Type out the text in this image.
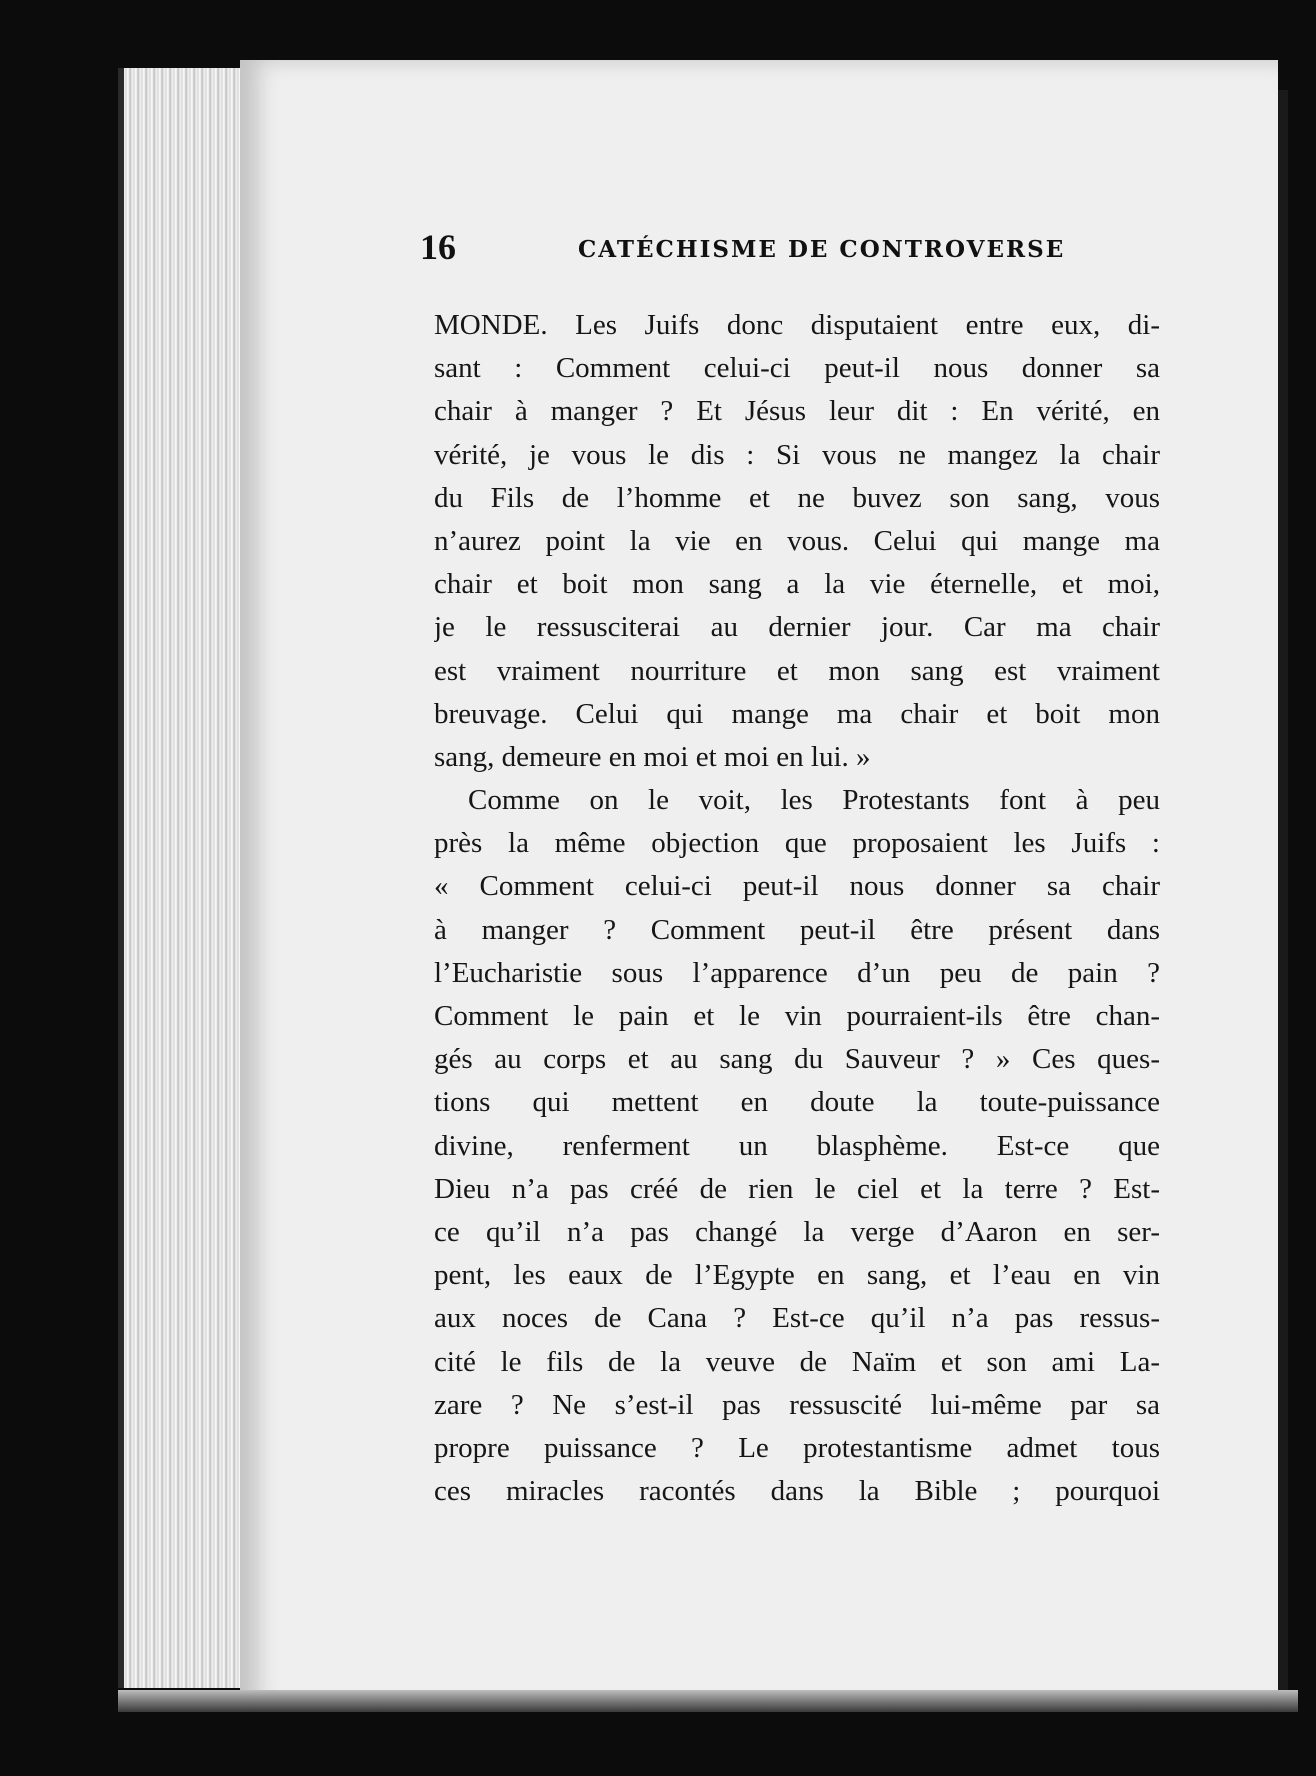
16	CATÉCHISME DE CONTROVERSE
MONDE. Les Juifs donc disputaient entre eux, di-
sant : Comment celui-ci peut-il nous donner sa
chair à manger ? Et Jésus leur dit : En vérité, en
vérité, je vous le dis : Si vous ne mangez la chair
du Fils de l’homme et ne buvez son sang, vous
n’aurez point la vie en vous. Celui qui mange ma
chair et boit mon sang a la vie éternelle, et moi,
je le ressusciterai au dernier jour. Car ma chair
est vraiment nourriture et mon sang est vraiment
breuvage. Celui qui mange ma chair et boit mon
sang, demeure en moi et moi en lui. »
Comme on le voit, les Protestants font à peu
près la même objection que proposaient les Juifs :
« Comment celui-ci peut-il nous donner sa chair
à manger ? Comment peut-il être présent dans
l’Eucharistie sous l’apparence d’un peu de pain ?
Comment le pain et le vin pourraient-ils être chan-
gés au corps et au sang du Sauveur ? » Ces ques-
tions qui mettent en doute la toute-puissance
divine, renferment un blasphème. Est-ce que
Dieu n’a pas créé de rien le ciel et la terre ? Est-
ce qu’il n’a pas changé la verge d’Aaron en ser-
pent, les eaux de l’Egypte en sang, et l’eau en vin
aux noces de Cana ? Est-ce qu’il n’a pas ressus-
cité le fils de la veuve de Naïm et son ami La-
zare ? Ne s’est-il pas ressuscité lui-même par sa
propre puissance ? Le protestantisme admet tous
ces miracles racontés dans la Bible ; pourquoi
